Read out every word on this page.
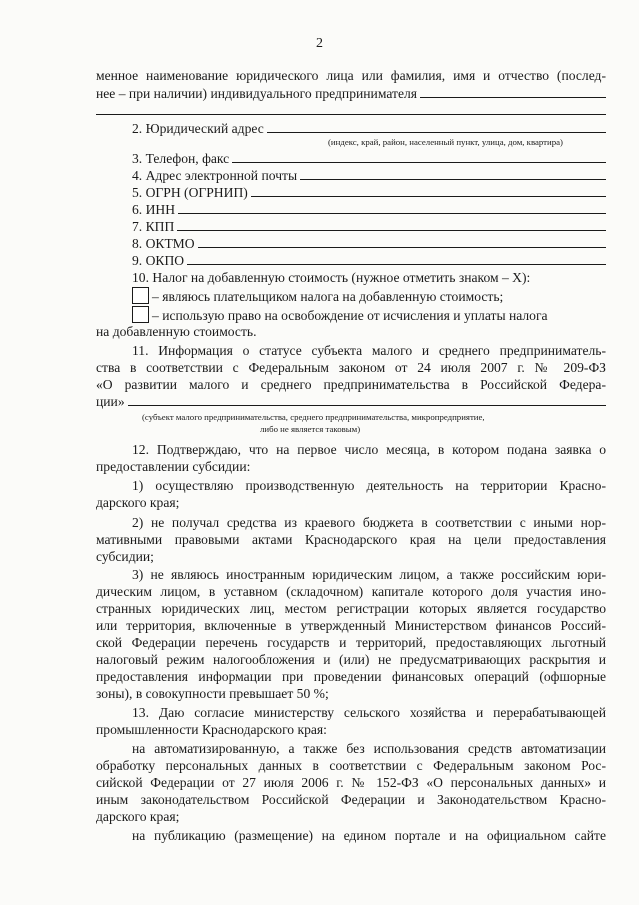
2
менное наименование юридического лица или фамилия, имя и отчество (послед-
нее – при наличии) индивидуального предпринимателя
2. Юридический адрес
(индекс, край, район, населенный пункт, улица, дом, квартира)
3. Телефон, факс
4. Адрес электронной почты
5. ОГРН (ОГРНИП)
6. ИНН
7. КПП
8. ОКТМО
9. ОКПО
10. Налог на добавленную стоимость (нужное отметить знаком – Х):
– являюсь плательщиком налога на добавленную стоимость;
– использую право на освобождение от исчисления и уплаты налога
на добавленную стоимость.
11. Информация о статусе субъекта малого и среднего предприниматель-
ства в соответствии с Федеральным законом от 24 июля 2007 г. № 209-ФЗ
«О развитии малого и среднего предпринимательства в Российской Федера-
ции»
(субъект малого предпринимательства, среднего предпринимательства, микропредприятие,
либо не является таковым)
12. Подтверждаю, что на первое число месяца, в котором подана заявка о
предоставлении субсидии:
1) осуществляю производственную деятельность на территории Красно-
дарского края;
2) не получал средства из краевого бюджета в соответствии с иными нор-
мативными правовыми актами Краснодарского края на цели предоставления
субсидии;
3) не являюсь иностранным юридическим лицом, а также российским юри-
дическим лицом, в уставном (складочном) капитале которого доля участия ино-
странных юридических лиц, местом регистрации которых является государство
или территория, включенные в утвержденный Министерством финансов Россий-
ской Федерации перечень государств и территорий, предоставляющих льготный
налоговый режим налогообложения и (или) не предусматривающих раскрытия и
предоставления информации при проведении финансовых операций (офшорные
зоны), в совокупности превышает 50 %;
13. Даю согласие министерству сельского хозяйства и перерабатывающей
промышленности Краснодарского края:
на автоматизированную, а также без использования средств автоматизации
обработку персональных данных в соответствии с Федеральным законом Рос-
сийской Федерации от 27 июля 2006 г. № 152-ФЗ «О персональных данных» и
иным законодательством Российской Федерации и Законодательством Красно-
дарского края;
на публикацию (размещение) на едином портале и на официальном сайте
